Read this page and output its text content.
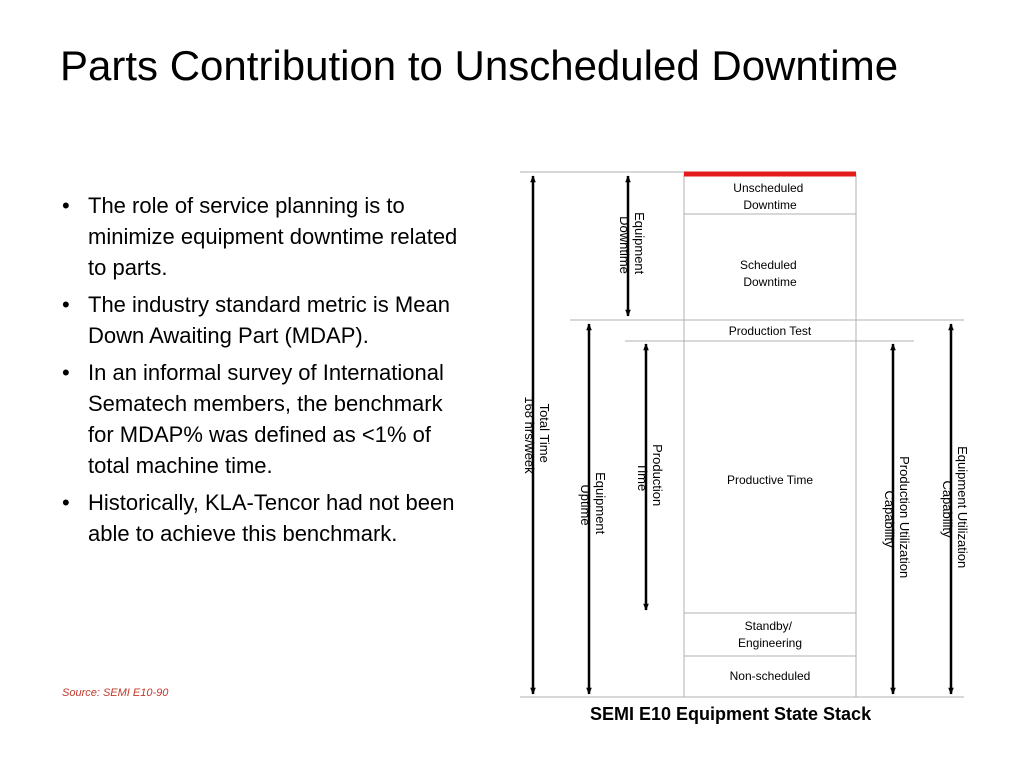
Parts Contribution to Unscheduled Downtime
• The role of service planning is to minimize equipment downtime related to parts.
• The industry standard metric is Mean Down Awaiting Part (MDAP).
• In an informal survey of International Sematech members, the benchmark for MDAP% was defined as <1% of total machine time.
• Historically, KLA-Tencor had not been able to achieve this benchmark.
Source: SEMI E10-90
Unscheduled Downtime
Scheduled Downtime
Production Test
Productive Time
Standby/ Engineering
Non-scheduled
Total Time 168 hrs/week
Equipment Downtime
Equipment Uptime	Production Time	Production Utilization Capability	Equipment Utilization Capability
SEMI E10 Equipment State Stack
